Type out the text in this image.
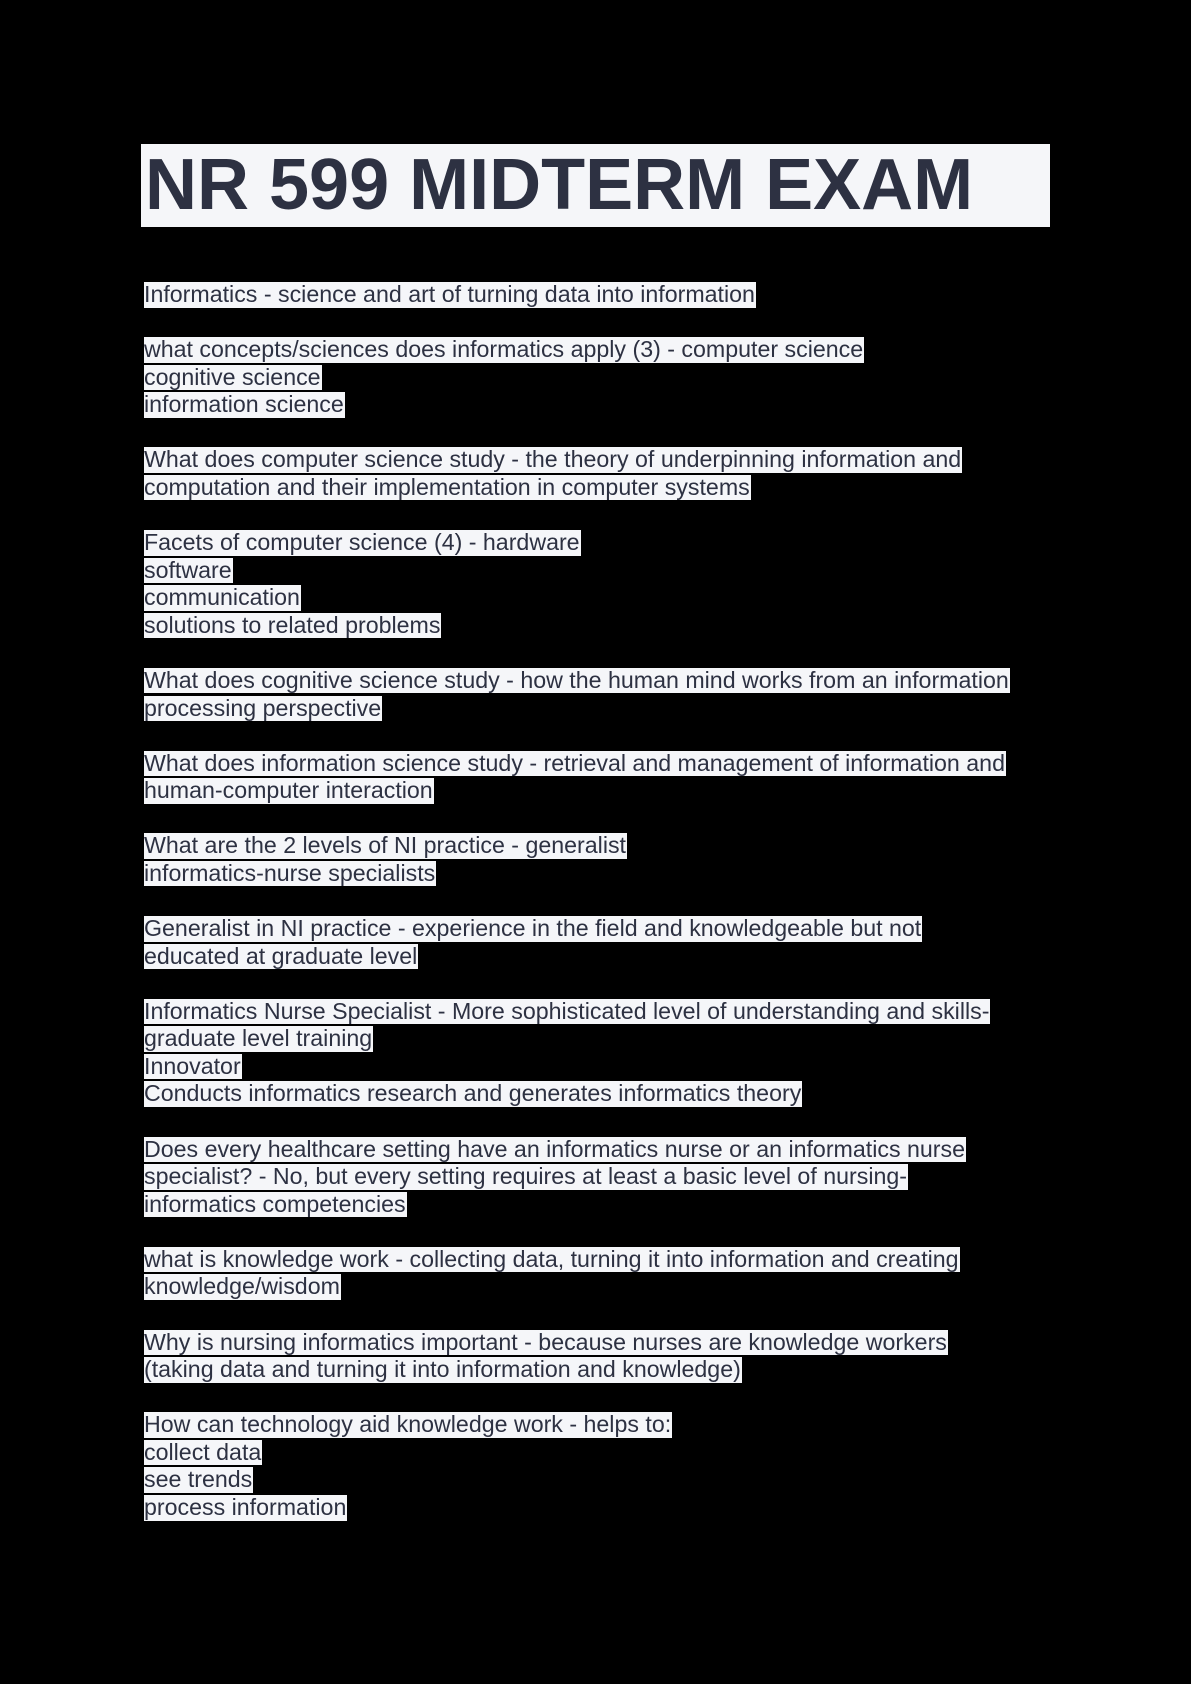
NR 599 MIDTERM EXAM
Informatics - science and art of turning data into information
what concepts/sciences does informatics apply (3) - computer science
cognitive science
information science
What does computer science study - the theory of underpinning information and
computation and their implementation in computer systems
Facets of computer science (4) - hardware
software
communication
solutions to related problems
What does cognitive science study - how the human mind works from an information
processing perspective
What does information science study - retrieval and management of information and
human-computer interaction
What are the 2 levels of NI practice - generalist
informatics-nurse specialists
Generalist in NI practice - experience in the field and knowledgeable but not
educated at graduate level
Informatics Nurse Specialist - More sophisticated level of understanding and skills-
graduate level training
Innovator
Conducts informatics research and generates informatics theory
Does every healthcare setting have an informatics nurse or an informatics nurse
specialist? - No, but every setting requires at least a basic level of nursing-
informatics competencies
what is knowledge work - collecting data, turning it into information and creating
knowledge/wisdom
Why is nursing informatics important - because nurses are knowledge workers
(taking data and turning it into information and knowledge)
How can technology aid knowledge work - helps to:
collect data
see trends
process information
